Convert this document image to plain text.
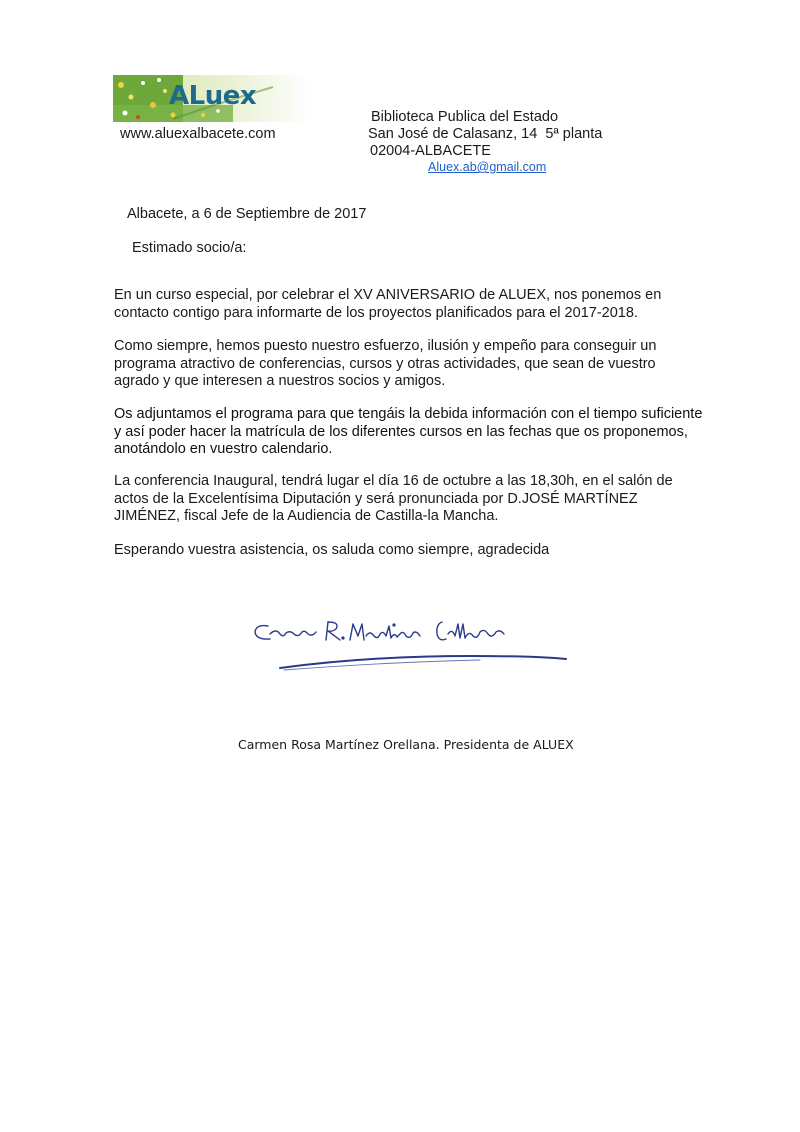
ALuex
www.aluexalbacete.com
Biblioteca Publica del Estado
San José de Calasanz, 14  5ª planta
02004-ALBACETE
Aluex.ab@gmail.com
Albacete, a 6 de Septiembre de 2017
Estimado socio/a:
En un curso especial, por celebrar el XV ANIVERSARIO de ALUEX, nos ponemos en contacto contigo para informarte de los proyectos planificados para el 2017-2018.
Como siempre, hemos puesto nuestro esfuerzo, ilusión y empeño para conseguir un programa atractivo de conferencias, cursos y otras actividades, que sean de vuestro agrado y que interesen a nuestros socios y amigos.
Os adjuntamos el programa para que tengáis la debida información con el tiempo suficiente y así poder hacer la matrícula de los diferentes cursos en las fechas que os proponemos, anotándolo en vuestro calendario.
La conferencia Inaugural, tendrá lugar el día 16 de octubre a las 18,30h, en el salón de actos de la Excelentísima Diputación y será pronunciada por D.JOSÉ MARTÍNEZ JIMÉNEZ, fiscal Jefe de la Audiencia de Castilla-la Mancha.
Esperando vuestra asistencia, os saluda como siempre, agradecida
Carmen Rosa Martínez Orellana. Presidenta de ALUEX
